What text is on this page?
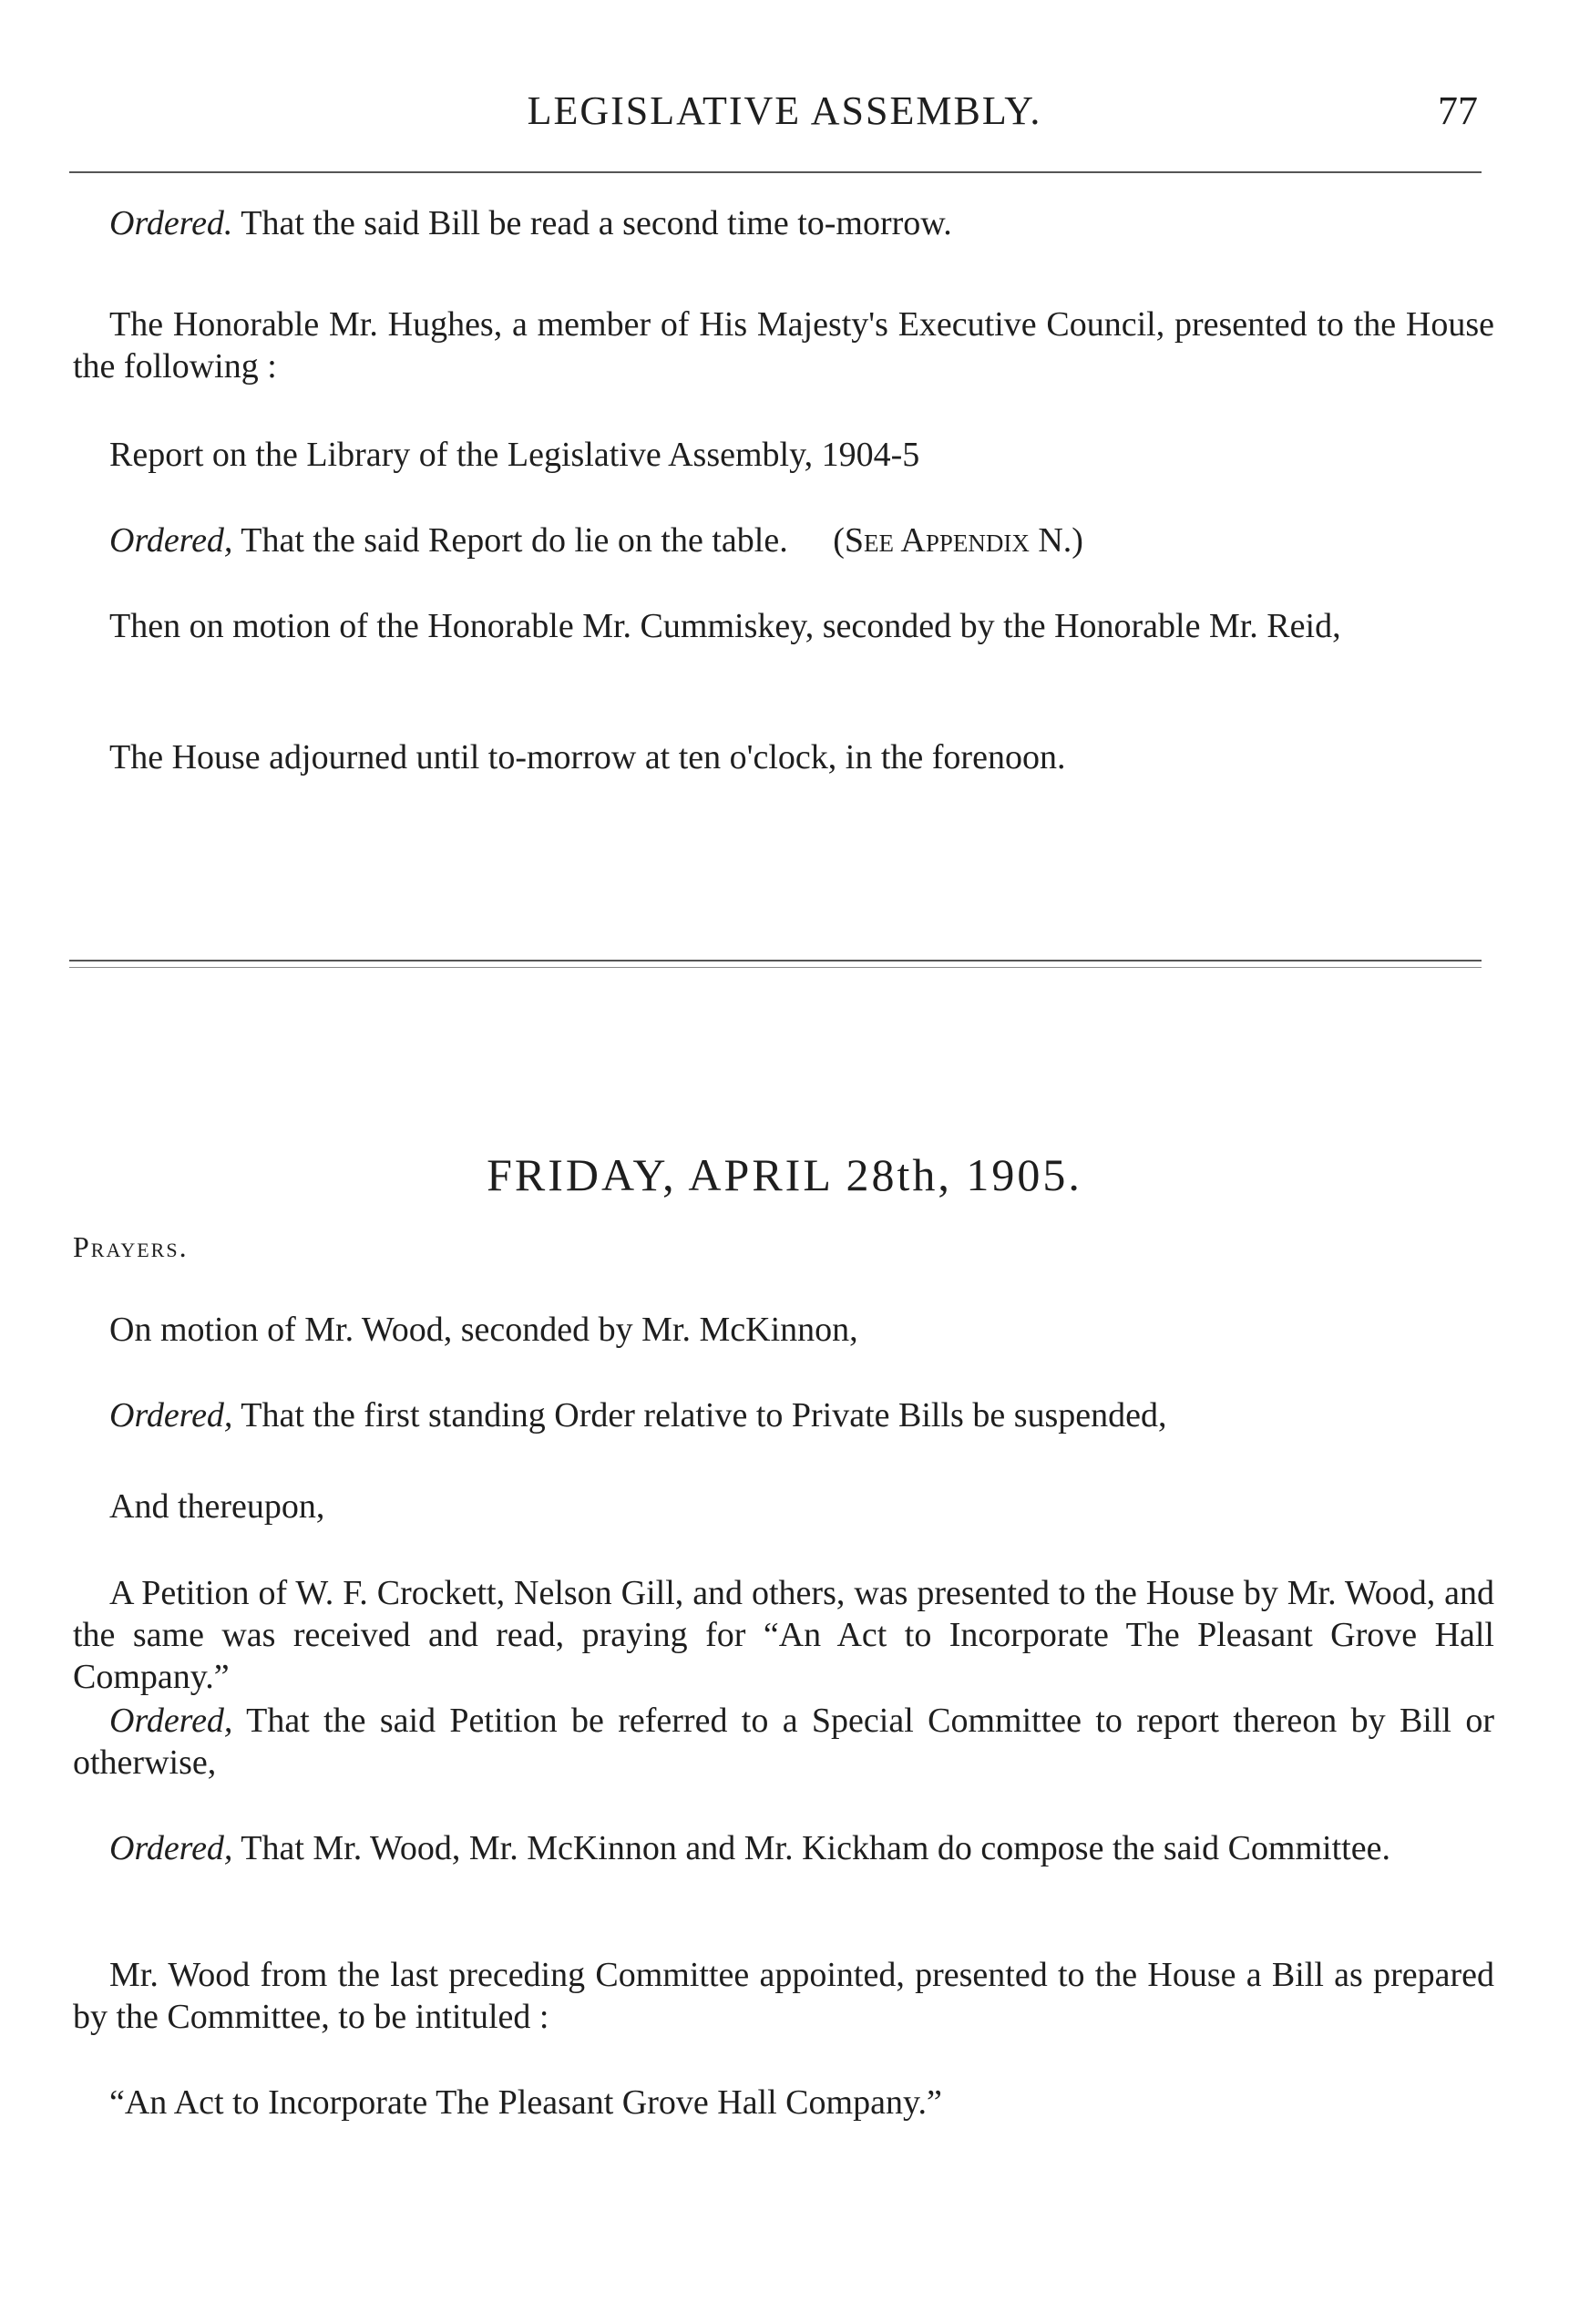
LEGISLATIVE ASSEMBLY.	77

Ordered. That the said Bill be read a second time to-morrow.

The Honorable Mr. Hughes, a member of His Majesty's Executive Council, presented to the House the following :

Report on the Library of the Legislative Assembly, 1904-5

Ordered, That the said Report do lie on the table. (See Appendix N.)

Then on motion of the Honorable Mr. Cummiskey, seconded by the Honorable Mr. Reid,

The House adjourned until to-morrow at ten o'clock, in the forenoon.

FRIDAY, APRIL 28th, 1905.
Prayers.

On motion of Mr. Wood, seconded by Mr. McKinnon,

Ordered, That the first standing Order relative to Private Bills be suspended,

And thereupon,

A Petition of W. F. Crockett, Nelson Gill, and others, was presented to the House by Mr. Wood, and the same was received and read, praying for “An Act to Incorporate The Pleasant Grove Hall Company.”

Ordered, That the said Petition be referred to a Special Committee to report thereon by Bill or otherwise,

Ordered, That Mr. Wood, Mr. McKinnon and Mr. Kickham do compose the said Committee.

Mr. Wood from the last preceding Committee appointed, presented to the House a Bill as prepared by the Committee, to be intituled :

“An Act to Incorporate The Pleasant Grove Hall Company.”
